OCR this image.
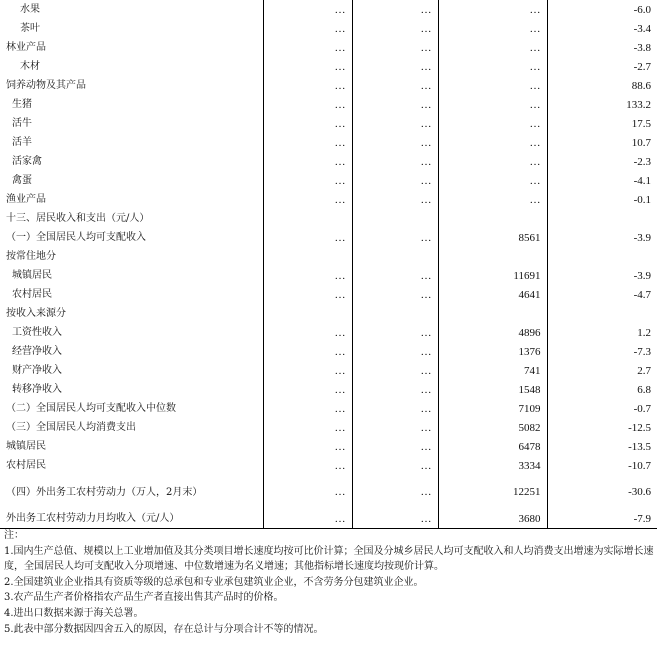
水果	…	…	…	-6.0
茶叶	…	…	…	-3.4
林业产品	…	…	…	-3.8
木材	…	…	…	-2.7
饲养动物及其产品	…	…	…	88.6
生猪	…	…	…	133.2
活牛	…	…	…	17.5
活羊	…	…	…	10.7
活家禽	…	…	…	-2.3
禽蛋	…	…	…	-4.1
渔业产品	…	…	…	-0.1
十三、居民收入和支出（元/人）				
（一）全国居民人均可支配收入	…	…	8561	-3.9
按常住地分				
城镇居民	…	…	11691	-3.9
农村居民	…	…	4641	-4.7
按收入来源分				
工资性收入	…	…	4896	1.2
经营净收入	…	…	1376	-7.3
财产净收入	…	…	741	2.7
转移净收入	…	…	1548	6.8
（二）全国居民人均可支配收入中位数	…	…	7109	-0.7
（三）全国居民人均消费支出	…	…	5082	-12.5
城镇居民	…	…	6478	-13.5
农村居民	…	…	3334	-10.7
（四）外出务工农村劳动力（万人，2月末）	…	…	12251	-30.6
外出务工农村劳动力月均收入（元/人）	…	…	3680	-7.9

注：

1.国内生产总值、规模以上工业增加值及其分类项目增长速度均按可比价计算；全国及分城乡居民人均可支配收入和人均消费支出增速为实际增长速度，全国居民人均可支配收入分项增速、中位数增速为名义增速；其他指标增长速度均按现价计算。

2.全国建筑业企业指具有资质等级的总承包和专业承包建筑业企业，不含劳务分包建筑业企业。

3.农产品生产者价格指农产品生产者直接出售其产品时的价格。

4.进出口数据来源于海关总署。

5.此表中部分数据因四舍五入的原因，存在总计与分项合计不等的情况。
